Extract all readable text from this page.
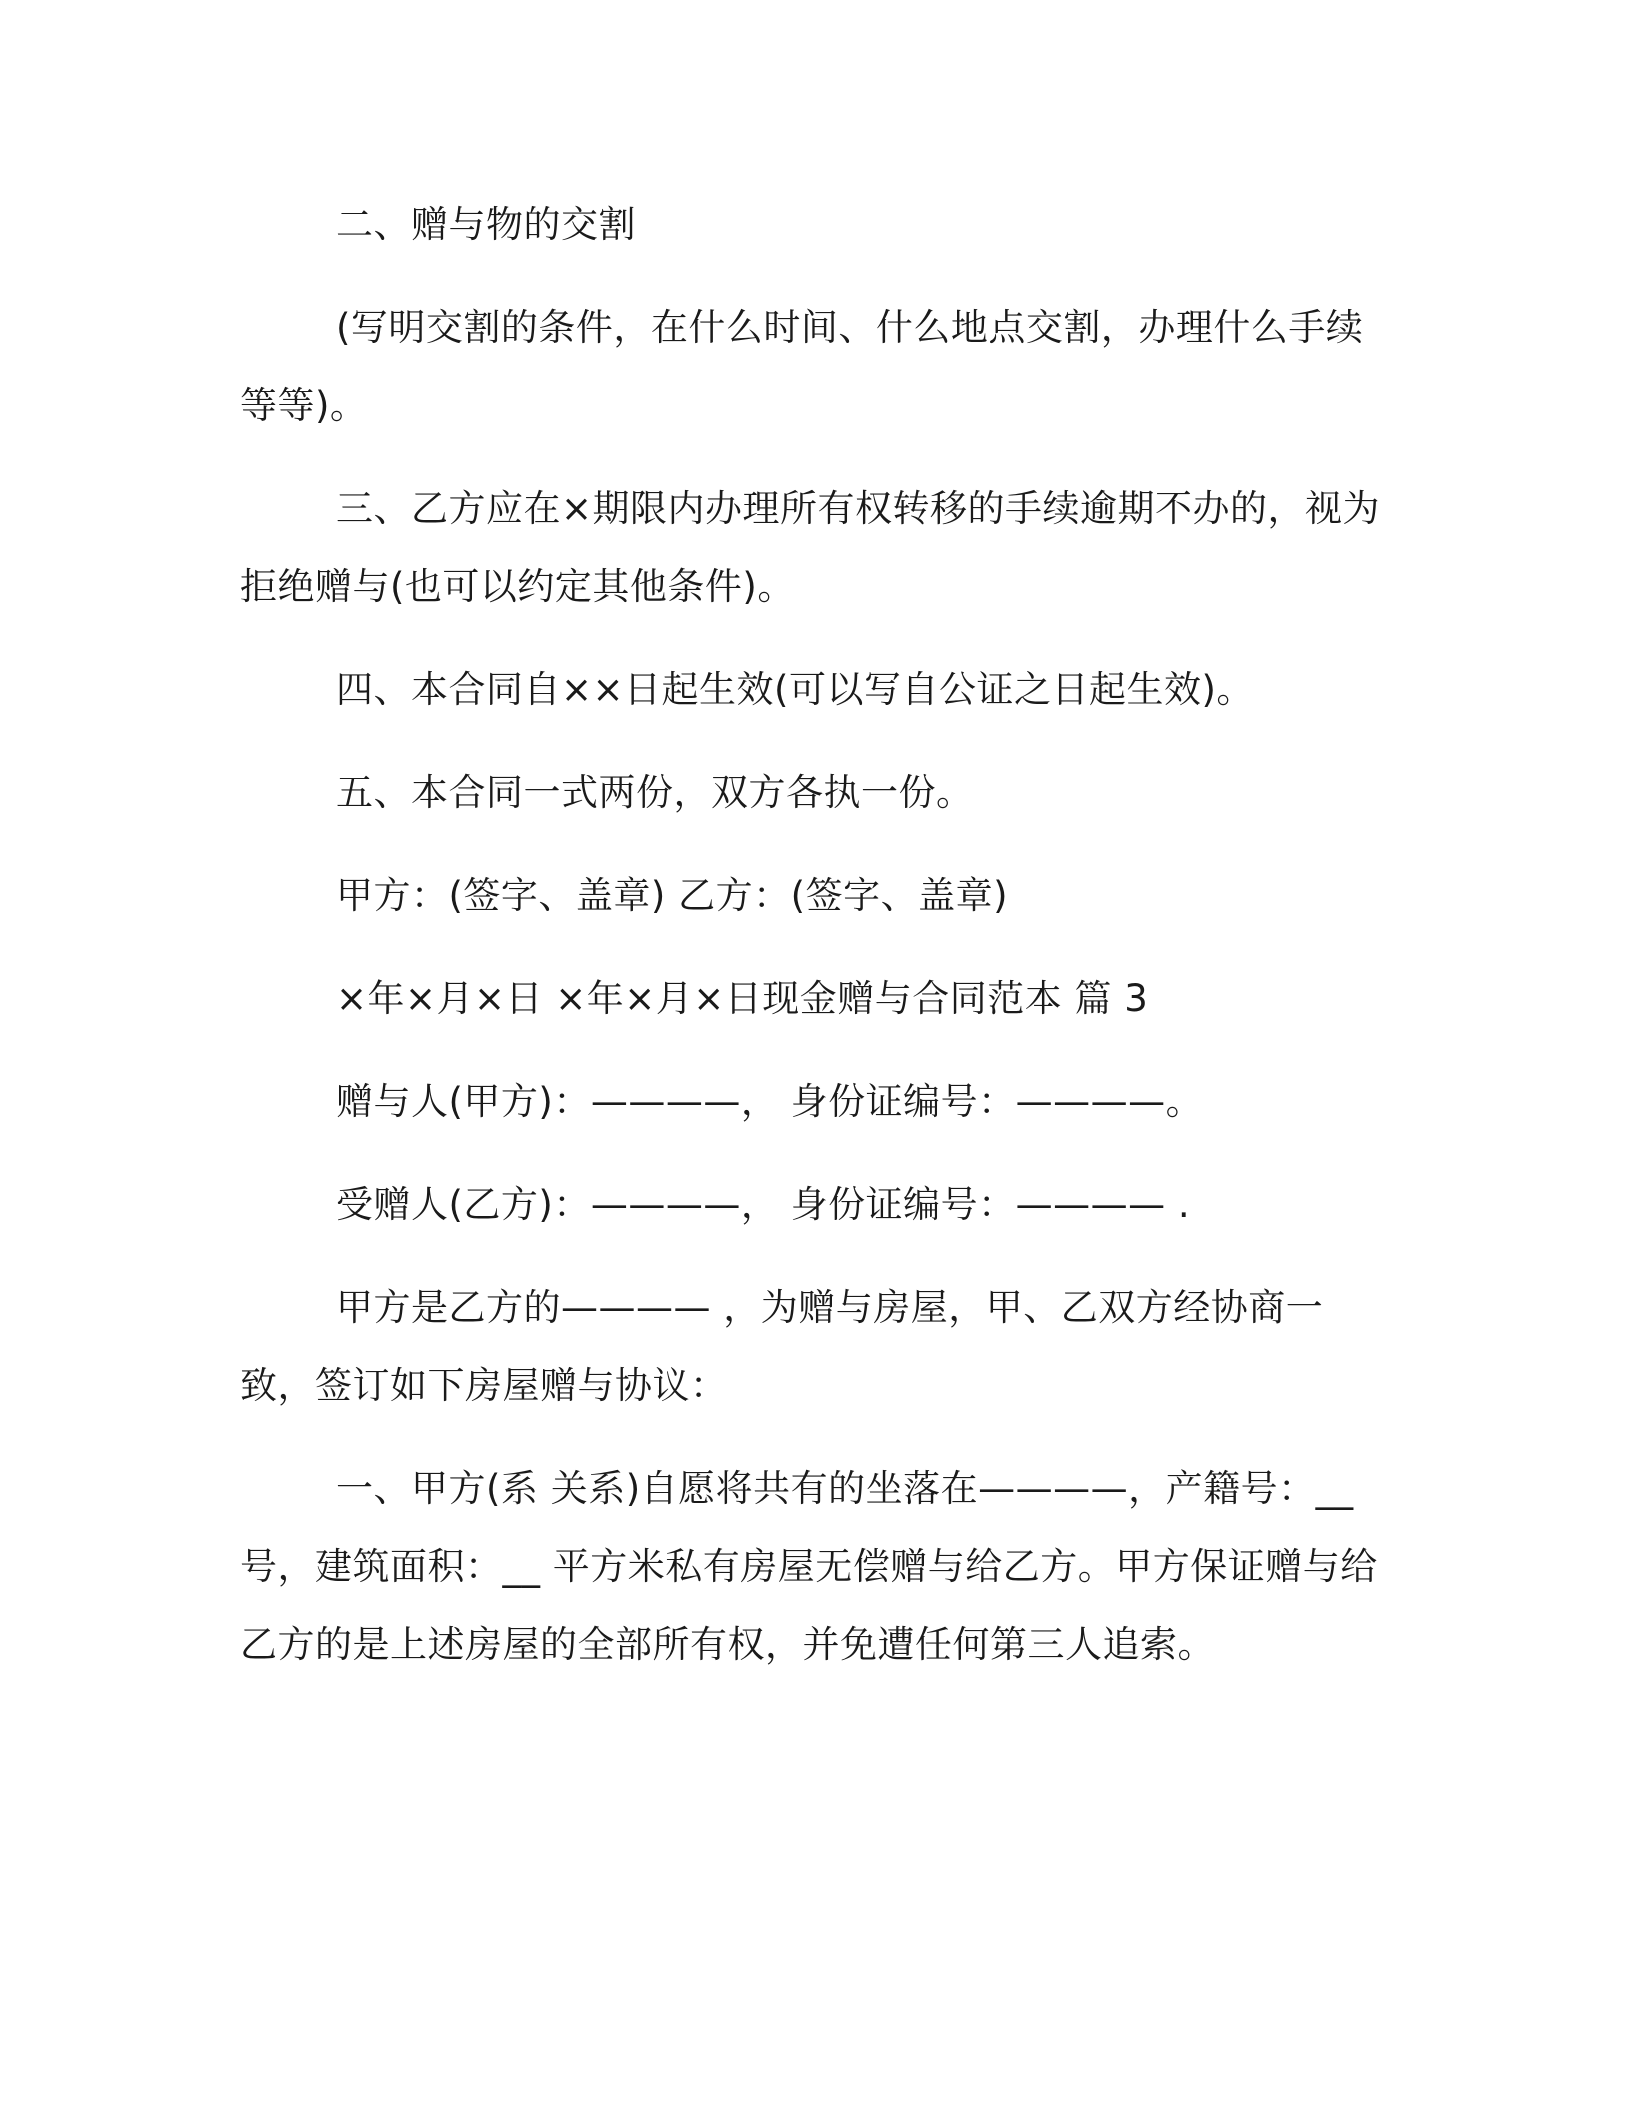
二、赠与物的交割

(写明交割的条件，在什么时间、什么地点交割，办理什么手续等等)。

三、乙方应在×期限内办理所有权转移的手续逾期不办的，视为拒绝赠与(也可以约定其他条件)。

四、本合同自××日起生效(可以写自公证之日起生效)。

五、本合同一式两份，双方各执一份。

甲方：(签字、盖章) 乙方：(签字、盖章)

×年×月×日 ×年×月×日现金赠与合同范本 篇 3

赠与人(甲方)：————， 身份证编号：————。

受赠人(乙方)：————， 身份证编号：———— .

甲方是乙方的———— ，为赠与房屋，甲、乙双方经协商一致，签订如下房屋赠与协议：

一、甲方(系 关系)自愿将共有的坐落在————，产籍号：__ 号，建筑面积：__ 平方米私有房屋无偿赠与给乙方。甲方保证赠与给乙方的是上述房屋的全部所有权，并免遭任何第三人追索。
